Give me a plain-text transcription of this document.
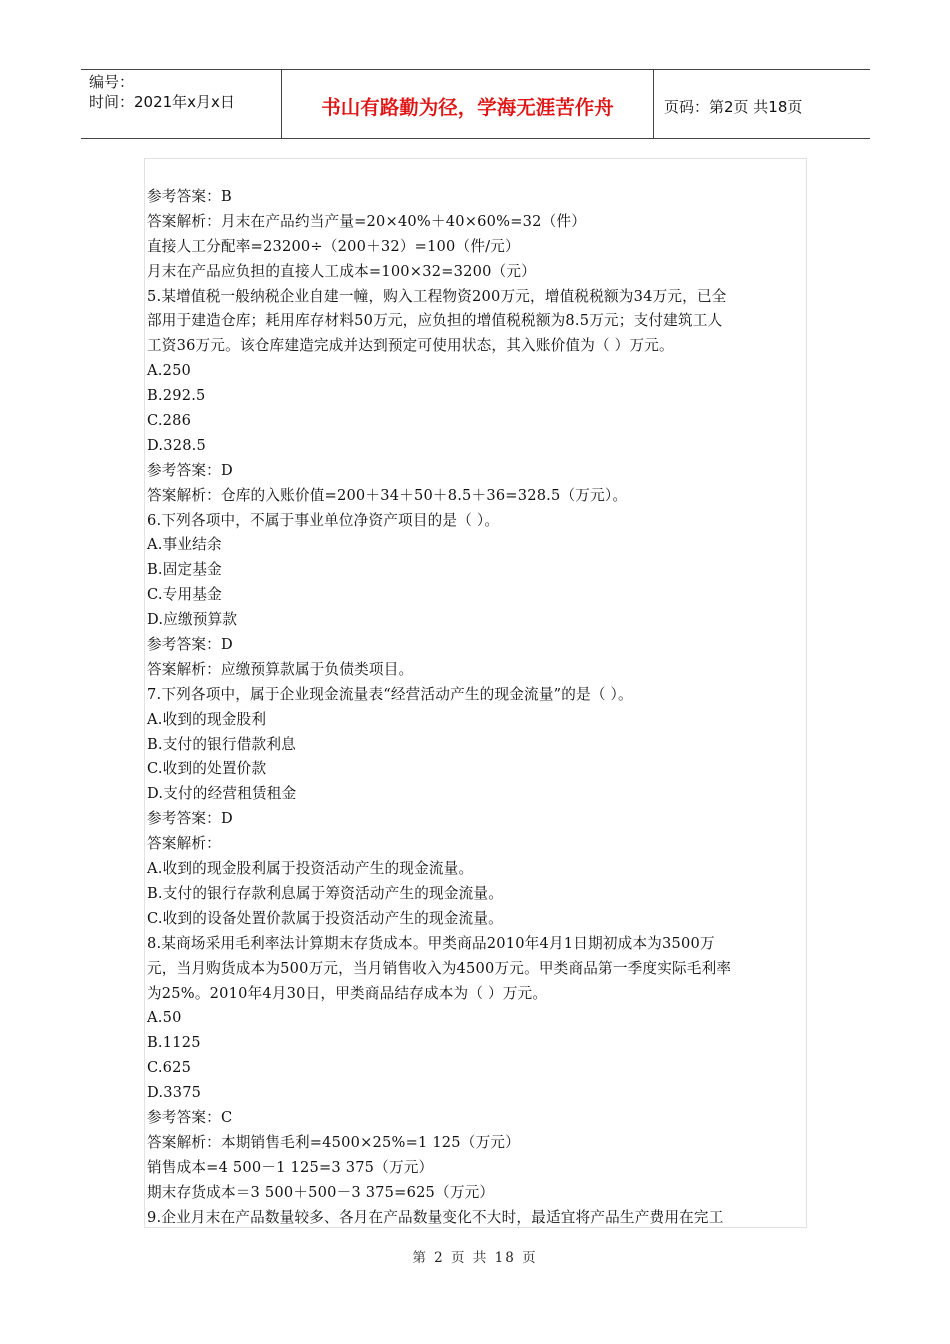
编号：
时间：2021年x月x日	书山有路勤为径，学海无涯苦作舟	页码：第2页 共18页
参考答案：B
答案解析：月末在产品约当产量=20×40%＋40×60%=32（件）
直接人工分配率=23200÷（200＋32）=100（件/元）
月末在产品应负担的直接人工成本=100×32=3200（元）
5.某增值税一般纳税企业自建一幢，购入工程物资200万元，增值税税额为34万元，已全
部用于建造仓库；耗用库存材料50万元，应负担的增值税税额为8.5万元；支付建筑工人
工资36万元。该仓库建造完成并达到预定可使用状态，其入账价值为（ ）万元。
A.250
B.292.5
C.286
D.328.5
参考答案：D
答案解析：仓库的入账价值=200＋34＋50＋8.5＋36=328.5（万元）。
6.下列各项中，不属于事业单位净资产项目的是（ ）。
A.事业结余
B.固定基金
C.专用基金
D.应缴预算款
参考答案：D
答案解析：应缴预算款属于负债类项目。
7.下列各项中，属于企业现金流量表“经营活动产生的现金流量”的是（ ）。
A.收到的现金股利
B.支付的银行借款利息
C.收到的处置价款
D.支付的经营租赁租金
参考答案：D
答案解析：
A.收到的现金股利属于投资活动产生的现金流量。
B.支付的银行存款利息属于筹资活动产生的现金流量。
C.收到的设备处置价款属于投资活动产生的现金流量。
8.某商场采用毛利率法计算期末存货成本。甲类商品2010年4月1日期初成本为3500万
元，当月购货成本为500万元，当月销售收入为4500万元。甲类商品第一季度实际毛利率
为25%。2010年4月30日，甲类商品结存成本为（ ）万元。
A.50
B.1125
C.625
D.3375
参考答案：C
答案解析：本期销售毛利=4500×25%=1 125（万元）
销售成本=4 500－1 125=3 375（万元）
期末存货成本＝3 500＋500－3 375=625（万元）
9.企业月末在产品数量较多、各月在产品数量变化不大时，最适宜将产品生产费用在完工
第 2 页 共 18 页
